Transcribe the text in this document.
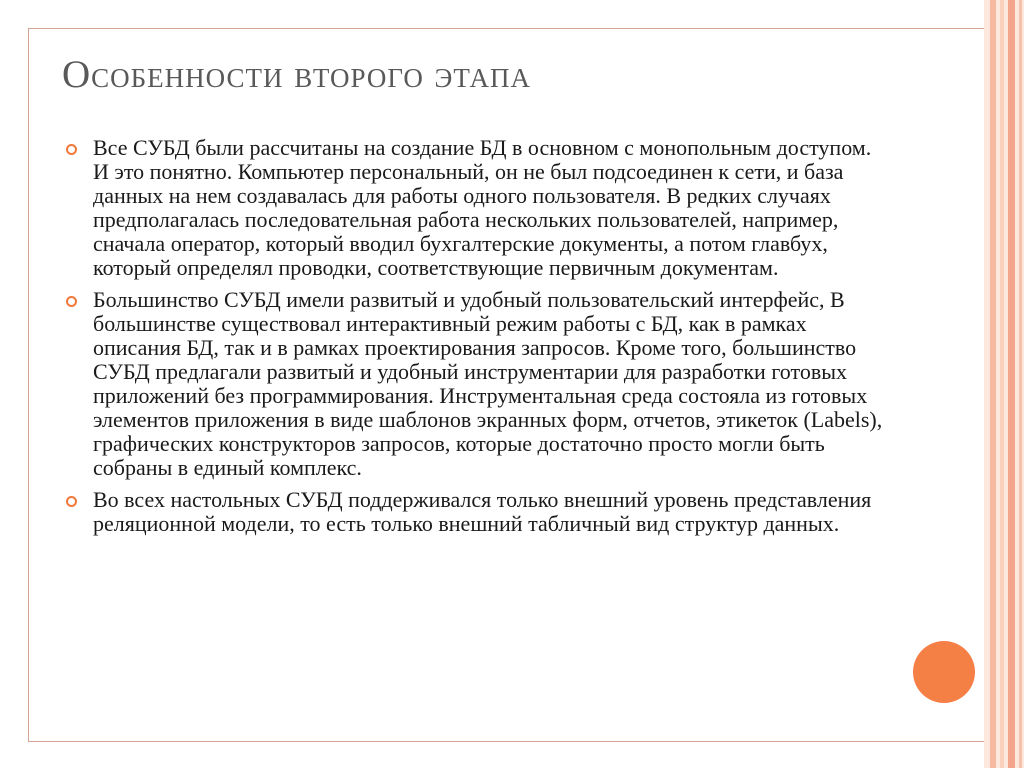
Особенности второго этапа
Все СУБД были рассчитаны на создание БД в основном с монопольным доступом. И это понятно. Компьютер персональный, он не был подсоединен к сети, и база данных на нем создавалась для работы одного пользователя. В редких случаях предполагалась последовательная работа нескольких пользователей, например, сначала оператор, который вводил бухгалтерские документы, а потом главбух, который определял проводки, соответствующие первичным документам.
Большинство СУБД имели развитый и удобный пользовательский интерфейс, В большинстве существовал интерактивный режим работы с БД, как в рамках описания БД, так и в рамках проектирования запросов. Кроме того, большинство СУБД предлагали развитый и удобный инструментарии для разработки готовых приложений без программирования. Инструментальная среда состояла из готовых элементов приложения в виде шаблонов экранных форм, отчетов, этикеток (Labels), графических конструкторов запросов, которые достаточно просто могли быть собраны в единый комплекс.
Во всех настольных СУБД поддерживался только внешний уровень представления реляционной модели, то есть только внешний табличный вид структур данных.
